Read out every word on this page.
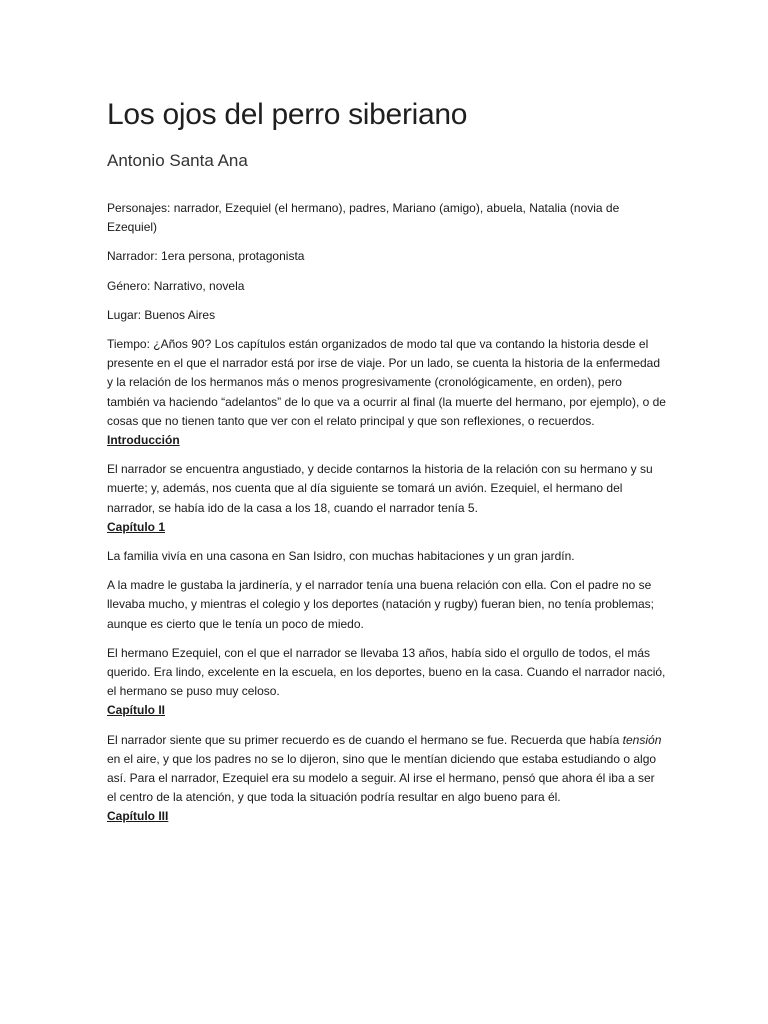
Los ojos del perro siberiano

Antonio Santa Ana

Personajes: narrador, Ezequiel (el hermano), padres, Mariano (amigo), abuela, Natalia (novia de Ezequiel)

Narrador: 1era persona, protagonista

Género: Narrativo, novela

Lugar: Buenos Aires

Tiempo: ¿Años 90? Los capítulos están organizados de modo tal que va contando la historia desde el presente en el que el narrador está por irse de viaje. Por un lado, se cuenta la historia de la enfermedad y la relación de los hermanos más o menos progresivamente (cronológicamente, en orden), pero también va haciendo “adelantos” de lo que va a ocurrir al final (la muerte del hermano, por ejemplo), o de cosas que no tienen tanto que ver con el relato principal y que son reflexiones, o recuerdos.

Introducción

El narrador se encuentra angustiado, y decide contarnos la historia de la relación con su hermano y su muerte; y, además, nos cuenta que al día siguiente se tomará un avión. Ezequiel, el hermano del narrador, se había ido de la casa a los 18, cuando el narrador tenía 5.

Capítulo 1

La familia vivía en una casona en San Isidro, con muchas habitaciones y un gran jardín.

A la madre le gustaba la jardinería, y el narrador tenía una buena relación con ella. Con el padre no se llevaba mucho, y mientras el colegio y los deportes (natación y rugby) fueran bien, no tenía problemas; aunque es cierto que le tenía un poco de miedo.

El hermano Ezequiel, con el que el narrador se llevaba 13 años, había sido el orgullo de todos, el más querido. Era lindo, excelente en la escuela, en los deportes, bueno en la casa. Cuando el narrador nació, el hermano se puso muy celoso.

Capítulo II

El narrador siente que su primer recuerdo es de cuando el hermano se fue. Recuerda que había tensión en el aire, y que los padres no se lo dijeron, sino que le mentían diciendo que estaba estudiando o algo así. Para el narrador, Ezequiel era su modelo a seguir. Al irse el hermano, pensó que ahora él iba a ser el centro de la atención, y que toda la situación podría resultar en algo bueno para él.

Capítulo III
